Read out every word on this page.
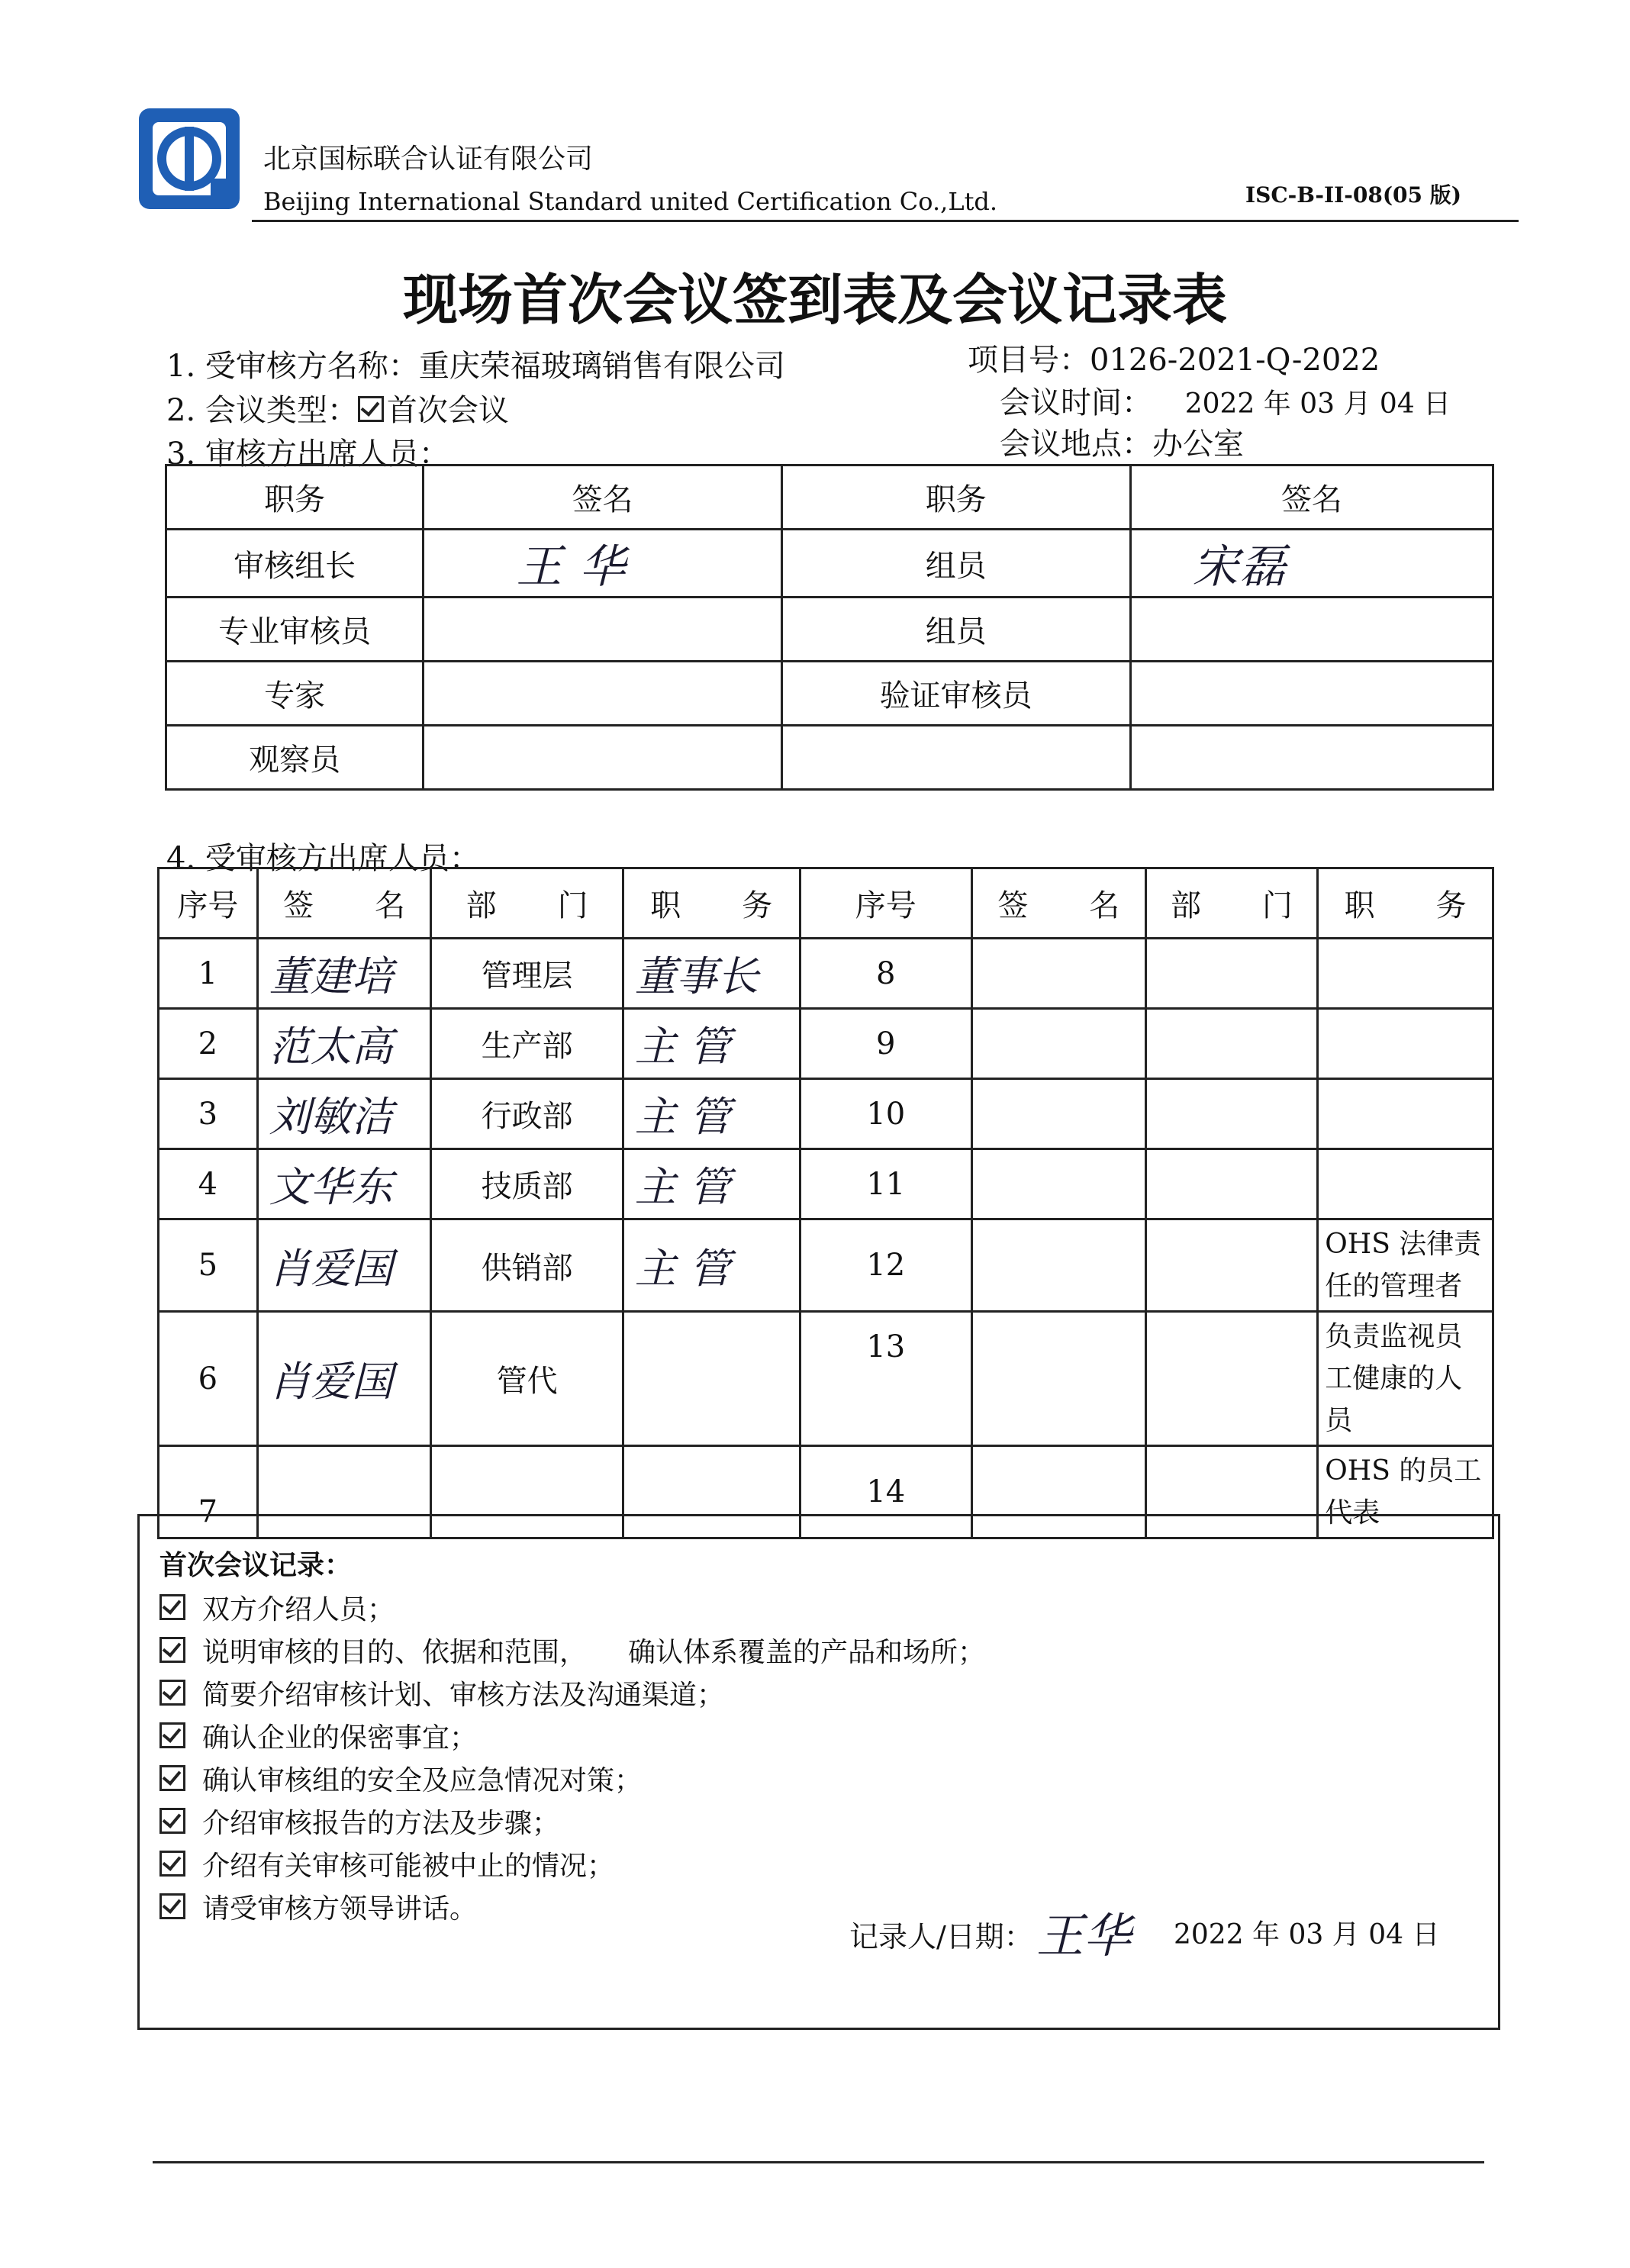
北京国标联合认证有限公司
Beijing International Standard united Certification Co.,Ltd.	ISC-B-II-08(05 版)
现场首次会议签到表及会议记录表
1. 受审核方名称：重庆荣福玻璃销售有限公司	项目号：0126-2021-Q-2022
2. 会议类型： 首次会议	会议时间： 2022 年 03 月 04 日
3. 审核方出席人员：	会议地点：办公室
职务	签名	职务	签名
审核组长	王 华	组员	宋磊
专业审核员		组员	
专家		验证审核员	
观察员			
4. 受审核方出席人员：
序号	签　　名	部　　门	职　　务	序号	签　　名	部　　门	职　　务
1	董建培	管理层	董事长	8			
2	范太高	生产部	主 管	9			
3	刘敏洁	行政部	主 管	10			
4	文华东	技质部	主 管	11			
5	肖爱国	供销部	主 管	12			OHS 法律责任的管理者
6	肖爱国	管代		13			负责监视员工健康的人员
7				14			OHS 的员工代表
首次会议记录：
双方介绍人员；
说明审核的目的、依据和范围，　　确认体系覆盖的产品和场所；
简要介绍审核计划、审核方法及沟通渠道；
确认企业的保密事宜；
确认审核组的安全及应急情况对策；
介绍审核报告的方法及步骤；
介绍有关审核可能被中止的情况；
请受审核方领导讲话。
记录人/日期： 王华 2022 年 03 月 04 日
